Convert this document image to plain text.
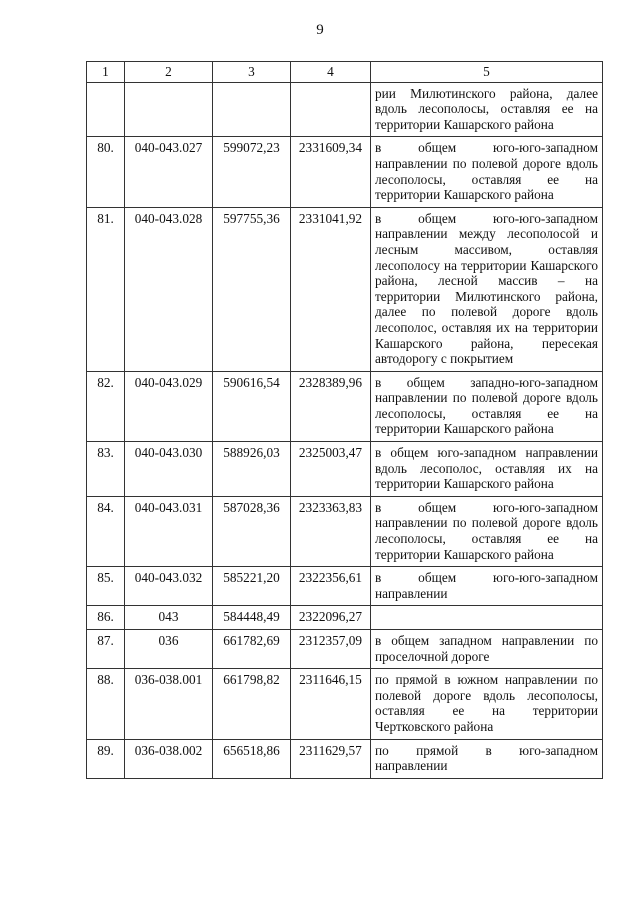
9
1	2	3	4	5
				рии Милютинского района, далее вдоль лесополосы, оставляя ее на территории Кашарского района
80.	040-043.027	599072,23	2331609,34	в общем юго-юго-западном направлении по полевой дороге вдоль лесополосы, оставляя ее на территории Кашарского района
81.	040-043.028	597755,36	2331041,92	в общем юго-юго-западном направлении между лесополосой и лесным массивом, оставляя лесополосу на территории Кашарского района, лесной массив – на территории Милютинского района, далее по полевой дороге вдоль лесополос, оставляя их на территории Кашарского района, пересекая автодорогу с покрытием
82.	040-043.029	590616,54	2328389,96	в общем западно-юго-западном направлении по полевой дороге вдоль лесополосы, оставляя ее на территории Кашарского района
83.	040-043.030	588926,03	2325003,47	в общем юго-западном направлении вдоль лесополос, оставляя их на территории Кашарского района
84.	040-043.031	587028,36	2323363,83	в общем юго-юго-западном направлении по полевой дороге вдоль лесополосы, оставляя ее на территории Кашарского района
85.	040-043.032	585221,20	2322356,61	в общем юго-юго-западном направлении
86.	043	584448,49	2322096,27	
87.	036	661782,69	2312357,09	в общем западном направлении по проселочной дороге
88.	036-038.001	661798,82	2311646,15	по прямой в южном направлении по полевой дороге вдоль лесополосы, оставляя ее на территории Чертковского района
89.	036-038.002	656518,86	2311629,57	по прямой в юго-западном направлении
